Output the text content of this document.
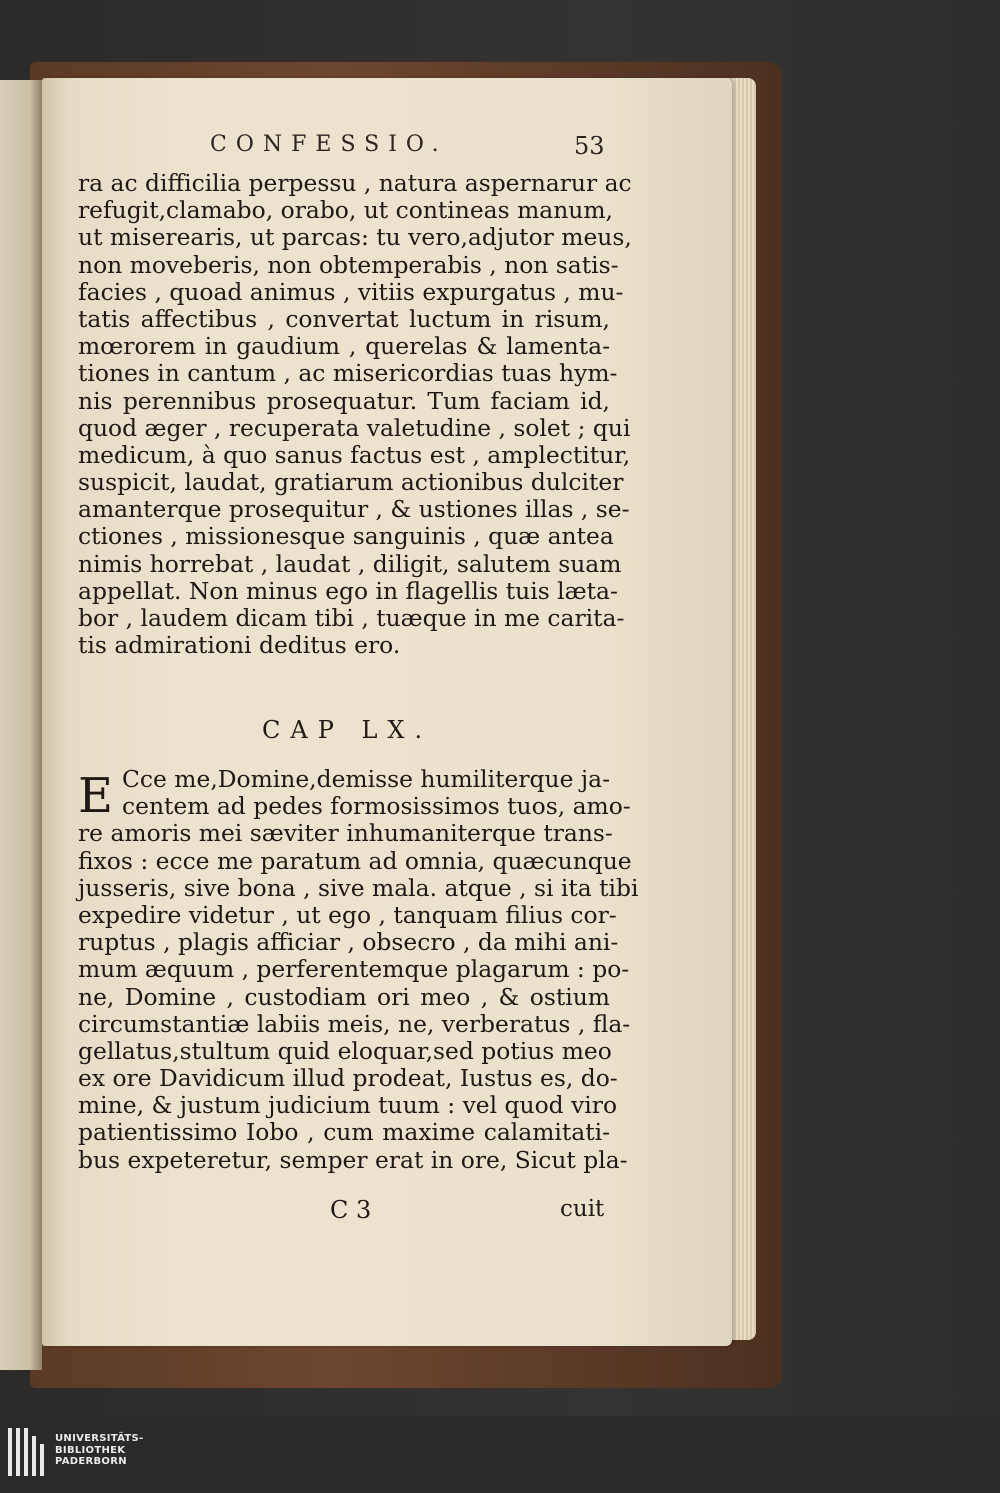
CONFESSIO.	53
ra ac difficilia perpessu , natura aspernarur ac
refugit,clamabo, orabo, ut contineas manum,
ut miserearis, ut parcas: tu vero,adjutor meus,
non moveberis, non obtemperabis , non satis-
facies , quoad animus , vitiis expurgatus , mu-
tatis affectibus , convertat luctum in risum,
mœrorem in gaudium , querelas & lamenta-
tiones in cantum , ac misericordias tuas hym-
nis perennibus prosequatur. Tum faciam id,
quod æger , recuperata valetudine , solet ; qui
medicum, à quo sanus factus est , amplectitur,
suspicit, laudat, gratiarum actionibus dulciter
amanterque prosequitur , & ustiones illas , se-
ctiones , missionesque sanguinis , quæ antea
nimis horrebat , laudat , diligit, salutem suam
appellat. Non minus ego in flagellis tuis læta-
bor , laudem dicam tibi , tuæque in me carita-
tis admirationi deditus ero.
CAP LX.
E Cce me,Domine,demisse humiliterque ja-
centem ad pedes formosissimos tuos, amo-
re amoris mei sæviter inhumaniterque trans-
fixos : ecce me paratum ad omnia, quæcunque
jusseris, sive bona , sive mala. atque , si ita tibi
expedire videtur , ut ego , tanquam filius cor-
ruptus , plagis afficiar , obsecro , da mihi ani-
mum æquum , perferentemque plagarum : po-
ne, Domine , custodiam ori meo , & ostium
circumstantiæ labiis meis, ne, verberatus , fla-
gellatus,stultum quid eloquar,sed potius meo
ex ore Davidicum illud prodeat, Iustus es, do-
mine, & justum judicium tuum : vel quod viro
patientissimo Iobo , cum maxime calamitati-
bus expeteretur, semper erat in ore, Sicut pla-
C 3	cuit
UNIVERSITÄTS-
BIBLIOTHEK
PADERBORN
